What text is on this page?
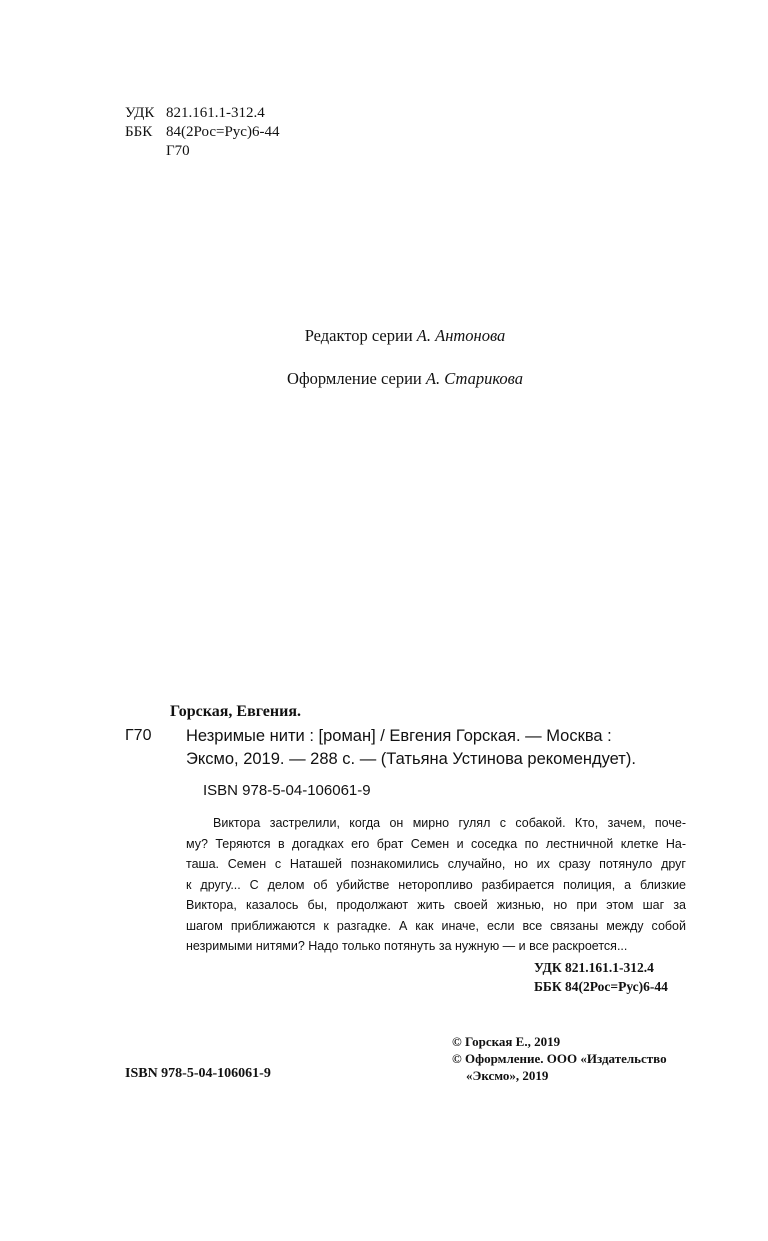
УДК 821.161.1-312.4
ББК 84(2Рос=Рус)6-44
Г70
Редактор серии А. Антонова
Оформление серии А. Старикова
Горская, Евгения.
Г70 Незримые нити : [роман] / Евгения Горская. — Москва :
Эксмо, 2019. — 288 с. — (Татьяна Устинова рекомендует).
ISBN 978-5-04-106061-9
Виктора застрелили, когда он мирно гулял с собакой. Кто, зачем, поче-
му? Теряются в догадках его брат Семен и соседка по лестничной клетке На-
таша. Семен с Наташей познакомились случайно, но их сразу потянуло друг
к другу... С делом об убийстве неторопливо разбирается полиция, а близкие
Виктора, казалось бы, продолжают жить своей жизнью, но при этом шаг за
шагом приближаются к разгадке. А как иначе, если все связаны между собой
незримыми нитями? Надо только потянуть за нужную — и все раскроется...
УДК 821.161.1-312.4
ББК 84(2Рос=Рус)6-44
© Горская Е., 2019
© Оформление. ООО «Издательство
«Эксмо», 2019
ISBN 978-5-04-106061-9
